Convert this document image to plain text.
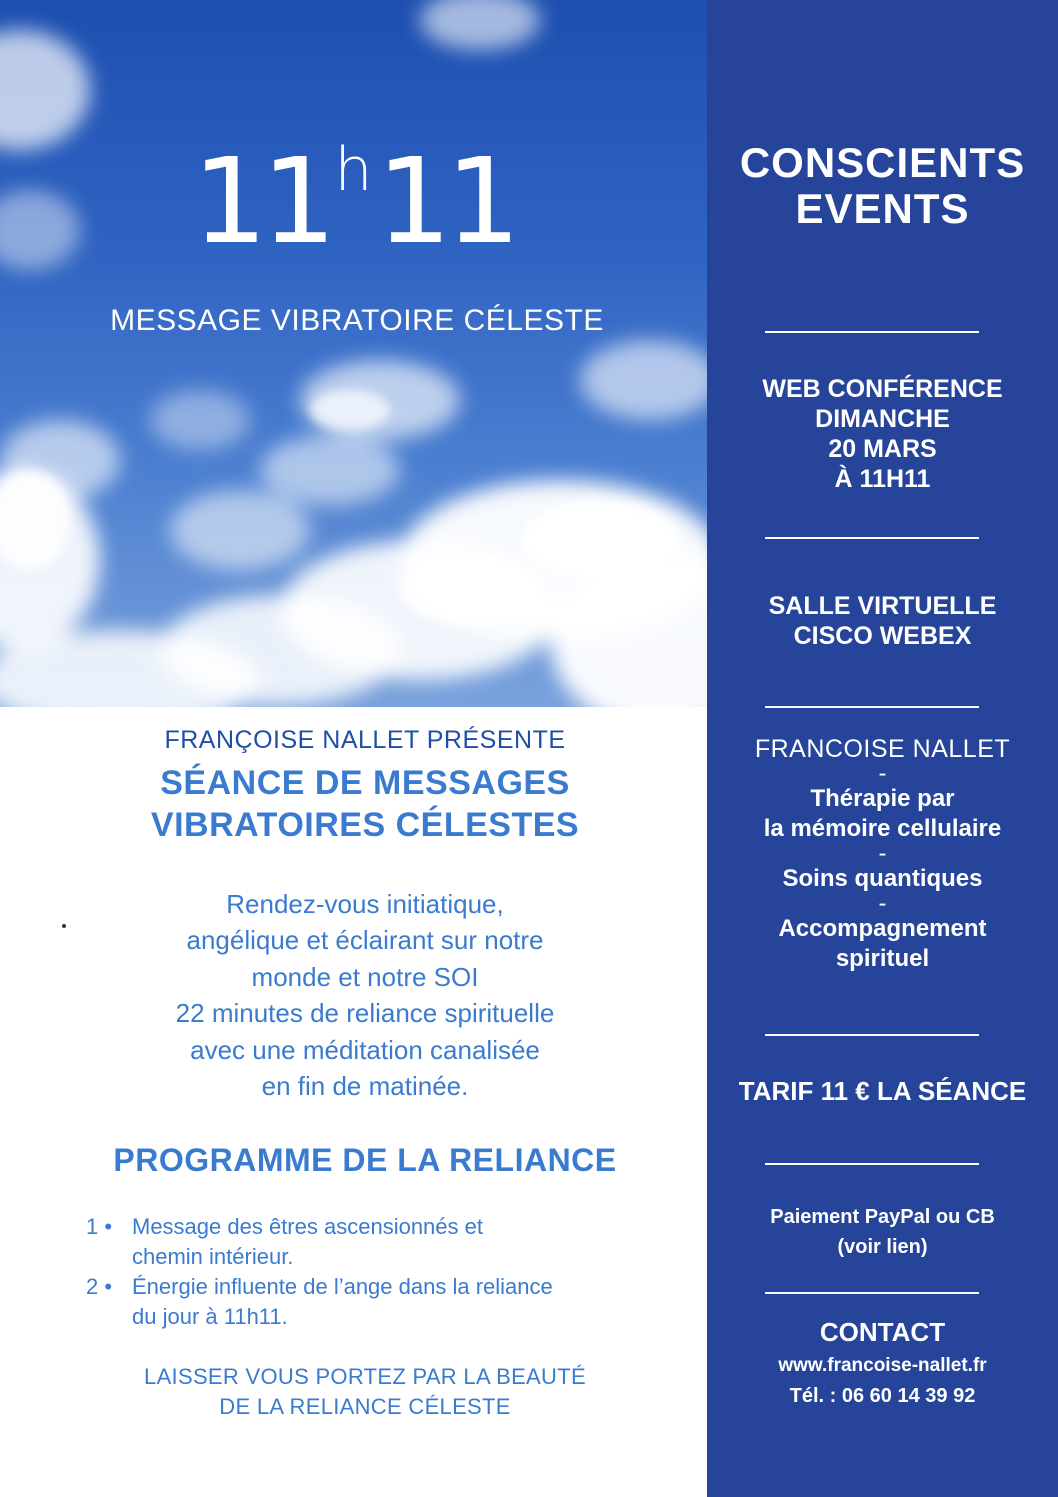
11h11
MESSAGE VIBRATOIRE CÉLESTE
CONSCIENTS
EVENTS
WEB CONFÉRENCE
DIMANCHE
20 MARS
À 11H11
SALLE VIRTUELLE
CISCO WEBEX
FRANCOISE NALLET
-
Thérapie par
la mémoire cellulaire
-
Soins quantiques
-
Accompagnement
spirituel
TARIF 11 € LA SÉANCE
Paiement PayPal ou CB
(voir lien)
CONTACT
www.francoise-nallet.fr
Tél. : 06 60 14 39 92
FRANÇOISE NALLET PRÉSENTE
SÉANCE DE MESSAGES
VIBRATOIRES CÉLESTES
Rendez-vous initiatique,
angélique et éclairant sur notre
monde et notre SOI
22 minutes de reliance spirituelle
avec une méditation canalisée
en fin de matinée.
PROGRAMME DE LA RELIANCE
1 • Message des êtres ascensionnés et
chemin intérieur.
2 • Énergie influente de l’ange dans la reliance
du jour à 11h11.
LAISSER VOUS PORTEZ PAR LA BEAUTÉ
DE LA RELIANCE CÉLESTE
